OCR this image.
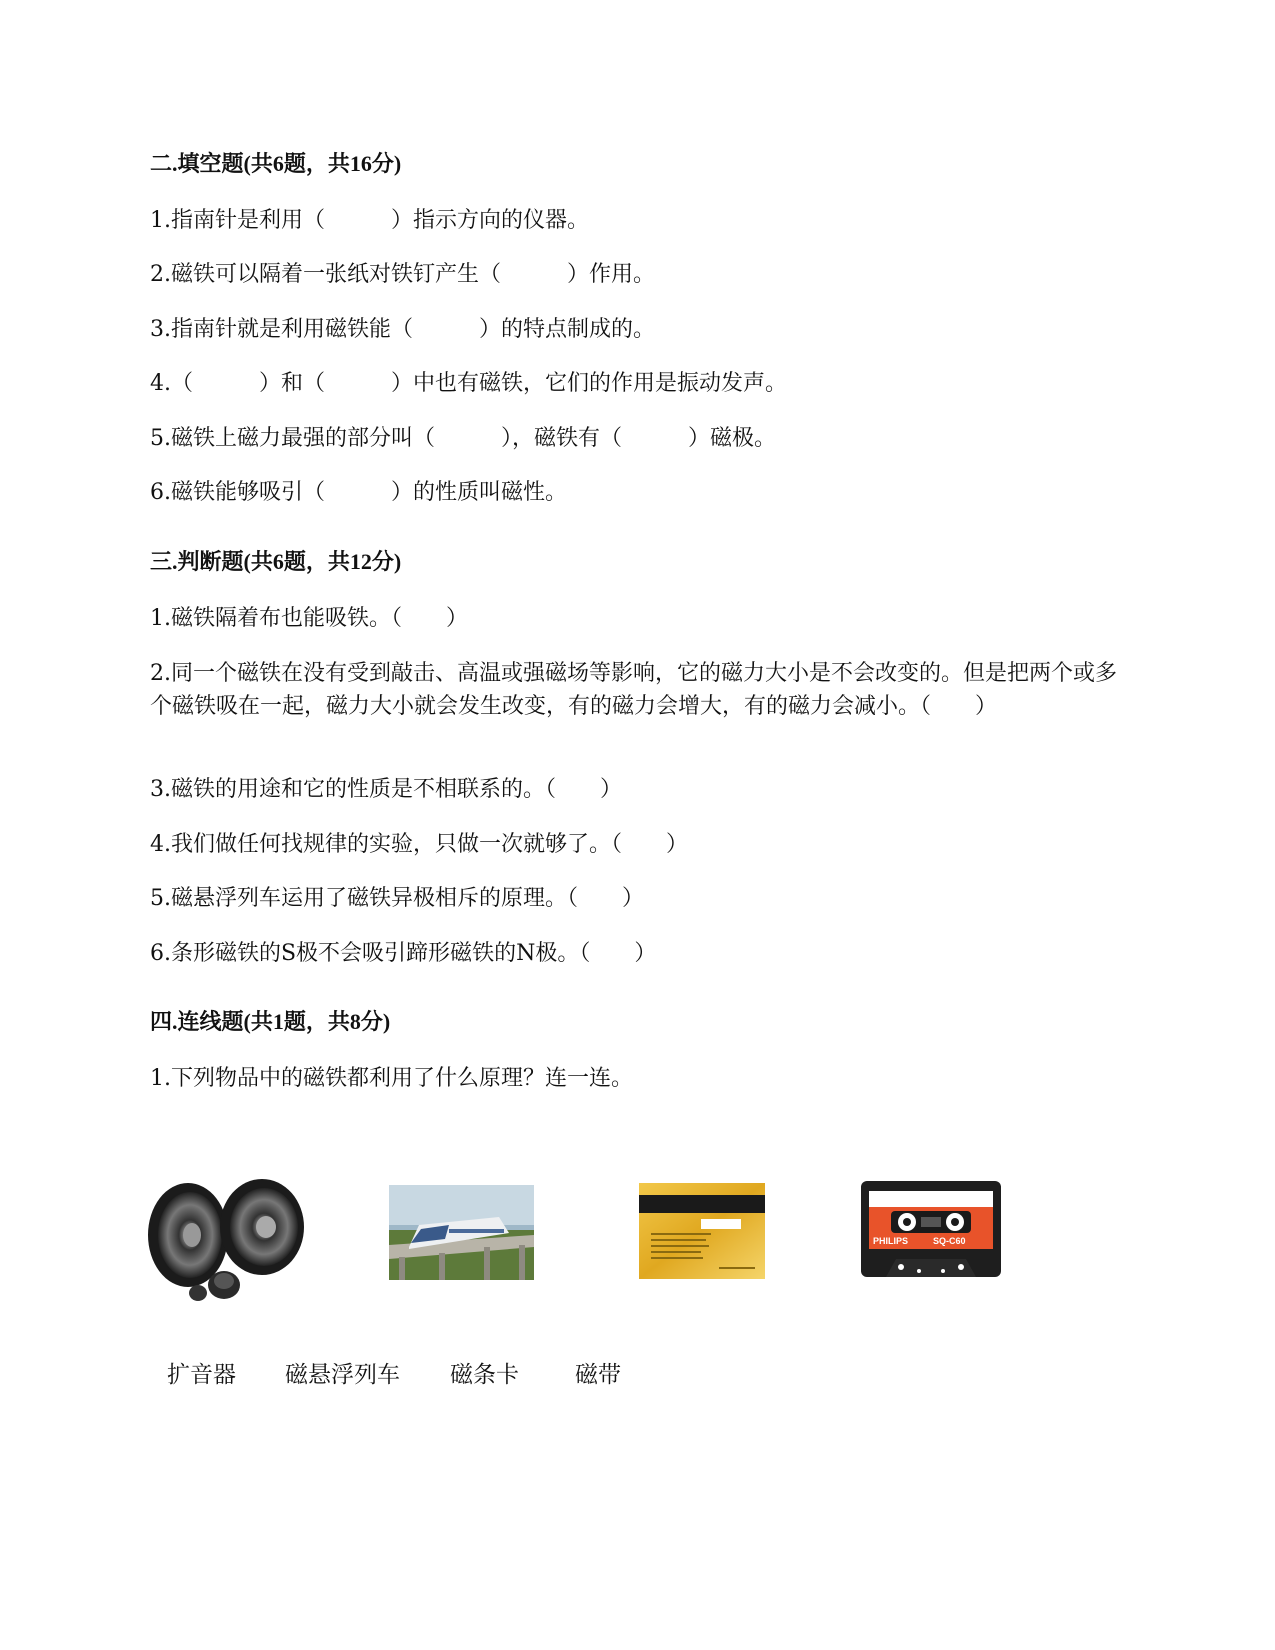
二.填空题(共6题，共16分)
1.指南针是利用（　　　）指示方向的仪器。
2.磁铁可以隔着一张纸对铁钉产生（　　　）作用。
3.指南针就是利用磁铁能（　　　）的特点制成的。
4.（　　　）和（　　　）中也有磁铁，它们的作用是振动发声。
5.磁铁上磁力最强的部分叫（　　　），磁铁有（　　　）磁极。
6.磁铁能够吸引（　　　）的性质叫磁性。
三.判断题(共6题，共12分)
1.磁铁隔着布也能吸铁。（　　）
2.同一个磁铁在没有受到敲击、高温或强磁场等影响，它的磁力大小是不会改变的。但是把两个或多个磁铁吸在一起，磁力大小就会发生改变，有的磁力会增大，有的磁力会减小。（　　）
3.磁铁的用途和它的性质是不相联系的。（　　）
4.我们做任何找规律的实验，只做一次就够了。（　　）
5.磁悬浮列车运用了磁铁异极相斥的原理。（　　）
6.条形磁铁的S极不会吸引蹄形磁铁的N极。（　　）
四.连线题(共1题，共8分)
1.下列物品中的磁铁都利用了什么原理？连一连。
PHILIPS	SQ-C60
扩音器 磁悬浮列车 磁条卡 磁带
